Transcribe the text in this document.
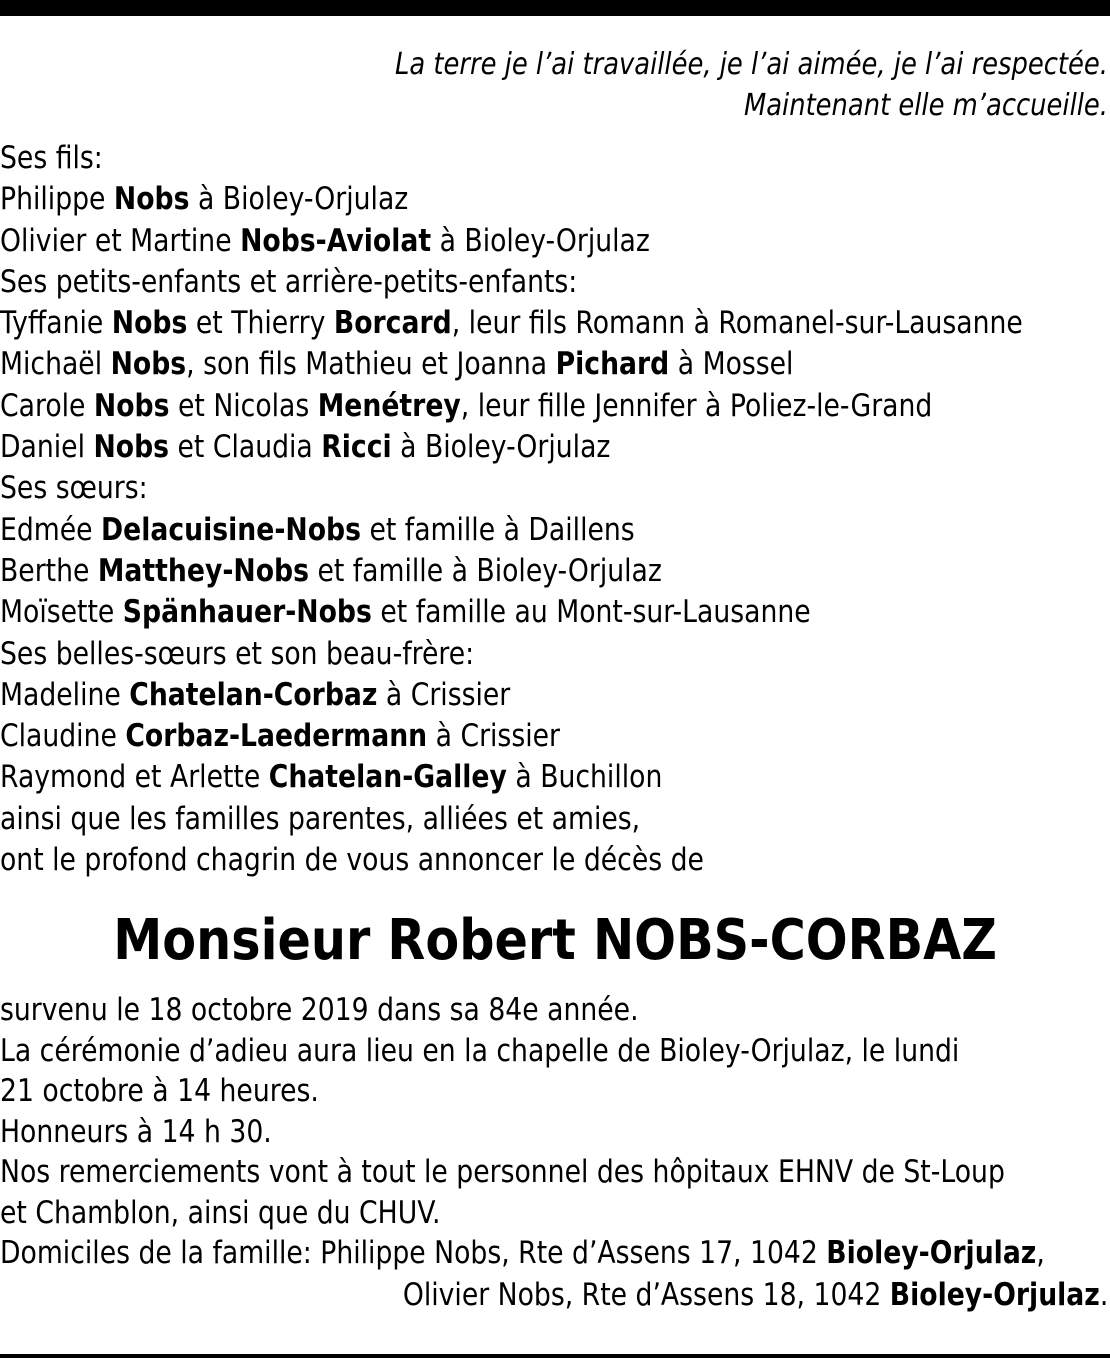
La terre je l’ai travaillée, je l’ai aimée, je l’ai respectée.
Maintenant elle m’accueille.
Ses fils:
Philippe Nobs à Bioley-Orjulaz
Olivier et Martine Nobs-Aviolat à Bioley-Orjulaz
Ses petits-enfants et arrière-petits-enfants:
Tyffanie Nobs et Thierry Borcard, leur fils Romann à Romanel-sur-Lausanne
Michaël Nobs, son fils Mathieu et Joanna Pichard à Mossel
Carole Nobs et Nicolas Menétrey, leur fille Jennifer à Poliez-le-Grand
Daniel Nobs et Claudia Ricci à Bioley-Orjulaz
Ses sœurs:
Edmée Delacuisine-Nobs et famille à Daillens
Berthe Matthey-Nobs et famille à Bioley-Orjulaz
Moïsette Spänhauer-Nobs et famille au Mont-sur-Lausanne
Ses belles-sœurs et son beau-frère:
Madeline Chatelan-Corbaz à Crissier
Claudine Corbaz-Laedermann à Crissier
Raymond et Arlette Chatelan-Galley à Buchillon
ainsi que les familles parentes, alliées et amies,
ont le profond chagrin de vous annoncer le décès de
Monsieur Robert NOBS-CORBAZ
survenu le 18 octobre 2019 dans sa 84e année.
La cérémonie d’adieu aura lieu en la chapelle de Bioley-Orjulaz, le lundi
21 octobre à 14 heures.
Honneurs à 14 h 30.
Nos remerciements vont à tout le personnel des hôpitaux EHNV de St-Loup
et Chamblon, ainsi que du CHUV.
Domiciles de la famille: Philippe Nobs, Rte d’Assens 17, 1042 Bioley-Orjulaz,
Olivier Nobs, Rte d’Assens 18, 1042 Bioley-Orjulaz.
